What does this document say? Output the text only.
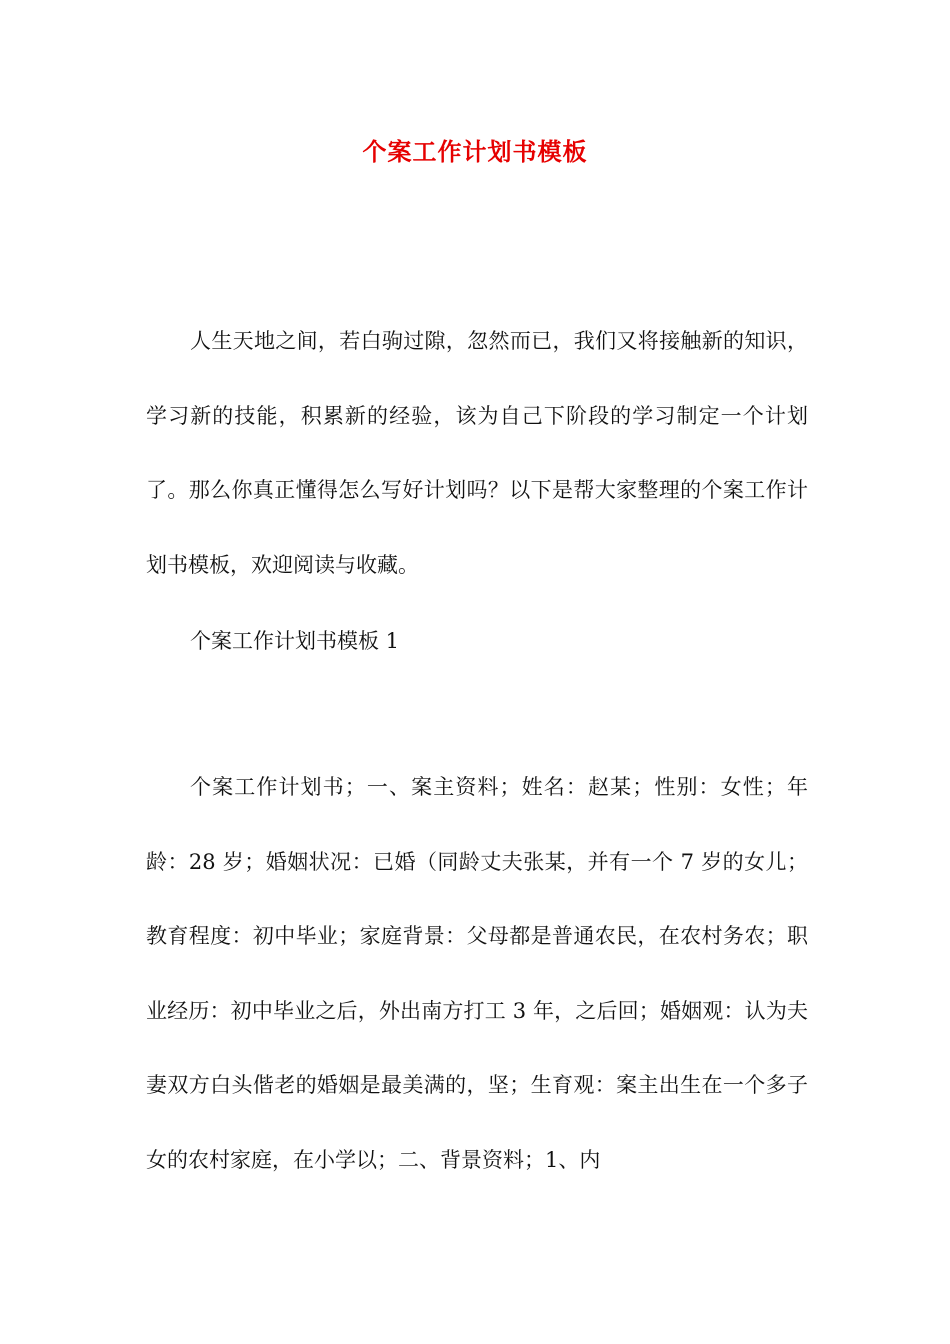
个案工作计划书模板

人生天地之间，若白驹过隙，忽然而已，我们又将接触新的知识，学习新的技能，积累新的经验，该为自己下阶段的学习制定一个计划了。那么你真正懂得怎么写好计划吗？以下是帮大家整理的个案工作计划书模板，欢迎阅读与收藏。

个案工作计划书模板 1

个案工作计划书；一、案主资料；姓名：赵某；性别：女性；年龄：28 岁；婚姻状况：已婚（同龄丈夫张某，并有一个 7 岁的女儿；教育程度：初中毕业；家庭背景：父母都是普通农民，在农村务农；职业经历：初中毕业之后，外出南方打工 3 年，之后回；婚姻观：认为夫妻双方白头偕老的婚姻是最美满的，坚；生育观：案主出生在一个多子女的农村家庭，在小学以；二、背景资料；1、内
